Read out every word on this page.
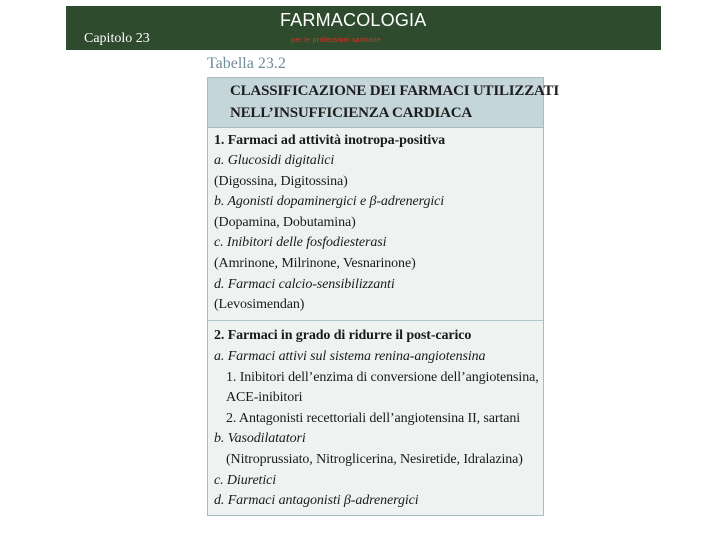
Capitolo 23
FARMACOLOGIA
per le professioni sanitarie
Tabella 23.2
CLASSIFICAZIONE DEI FARMACI UTILIZZATI
NELL’INSUFFICIENZA CARDIACA
1. Farmaci ad attività inotropa-positiva
a. Glucosidi digitalici
(Digossina, Digitossina)
b. Agonisti dopaminergici e β-adrenergici
(Dopamina, Dobutamina)
c. Inibitori delle fosfodiesterasi
(Amrinone, Milrinone, Vesnarinone)
d. Farmaci calcio-sensibilizzanti
(Levosimendan)
2. Farmaci in grado di ridurre il post-carico
a. Farmaci attivi sul sistema renina-angiotensina
1. Inibitori dell’enzima di conversione dell’angiotensina,
ACE-inibitori
2. Antagonisti recettoriali dell’angiotensina II, sartani
b. Vasodilatatori
(Nitroprussiato, Nitroglicerina, Nesiretide, Idralazina)
c. Diuretici
d. Farmaci antagonisti β-adrenergici
